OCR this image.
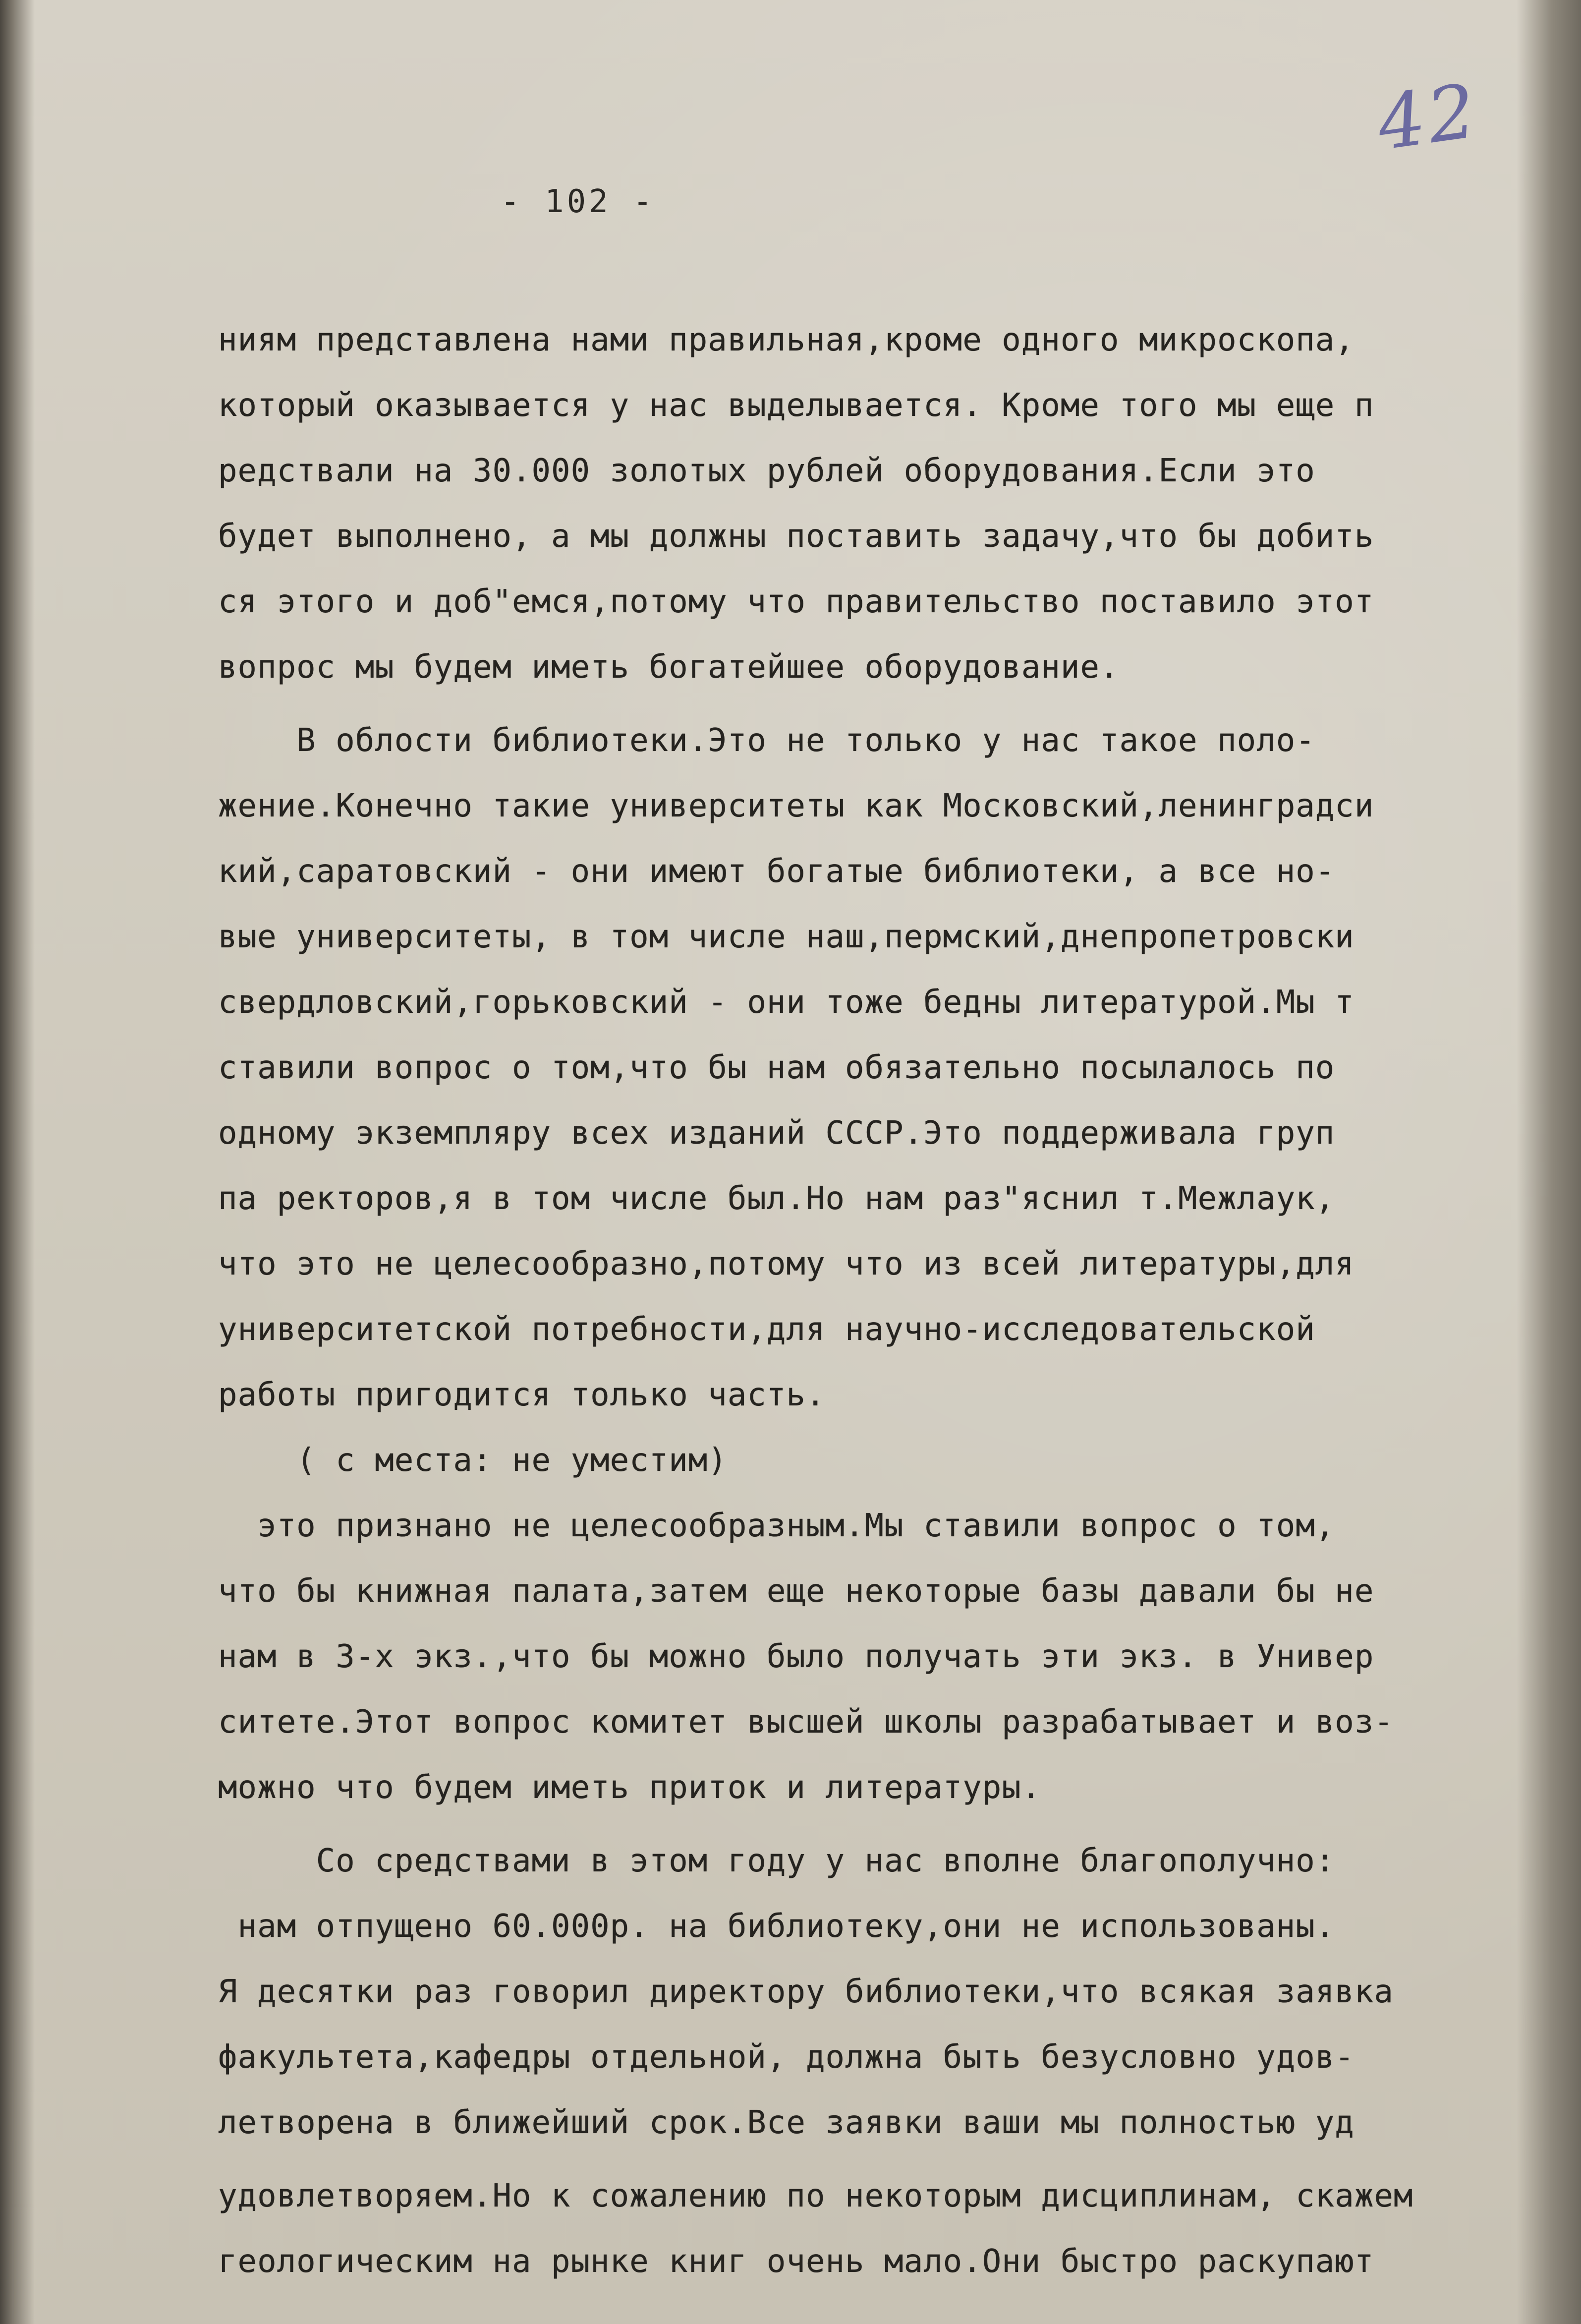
42
- 102 -
ниям представлена нами правильная,кроме одного микроскопа,
который оказывается у нас выделывается. Кроме того мы еще п
редствали на 30.000 золотых рублей оборудования.Если это
будет выполнено, а мы должны поставить задачу,что бы добить
ся этого и доб"емся,потому что правительство поставило этот
вопрос мы будем иметь богатейшее оборудование.
В облости библиотеки.Это не только у нас такое поло-
жение.Конечно такие университеты как Московский,ленинградси
кий,саратовский - они имеют богатые библиотеки, а все но-
вые университеты, в том числе наш,пермский,днепропетровски
свердловский,горьковский - они тоже бедны литературой.Мы т
ставили вопрос о том,что бы нам обязательно посылалось по
одному экземпляру всех изданий СССР.Это поддерживала груп
па ректоров,я в том числе был.Но нам раз"яснил т.Межлаук,
что это не целесообразно,потому что из всей литературы,для
университетской потребности,для научно-исследовательской
работы пригодится только часть.
( с места: не уместим)
это признано не целесообразным.Мы ставили вопрос о том,
что бы книжная палата,затем еще некоторые базы давали бы не
нам в 3-х экз.,что бы можно было получать эти экз. в Универ
ситете.Этот вопрос комитет высшей школы разрабатывает и воз-
можно что будем иметь приток и литературы.
Со средствами в этом году у нас вполне благополучно:
нам отпущено 60.000р. на библиотеку,они не использованы.
Я десятки раз говорил директору библиотеки,что всякая заявка
факультета,кафедры отдельной, должна быть безусловно удов-
летворена в ближейший срок.Все заявки ваши мы полностью уд
удовлетворяем.Но к сожалению по некоторым дисциплинам, скажем
геологическим на рынке книг очень мало.Они быстро раскупают
